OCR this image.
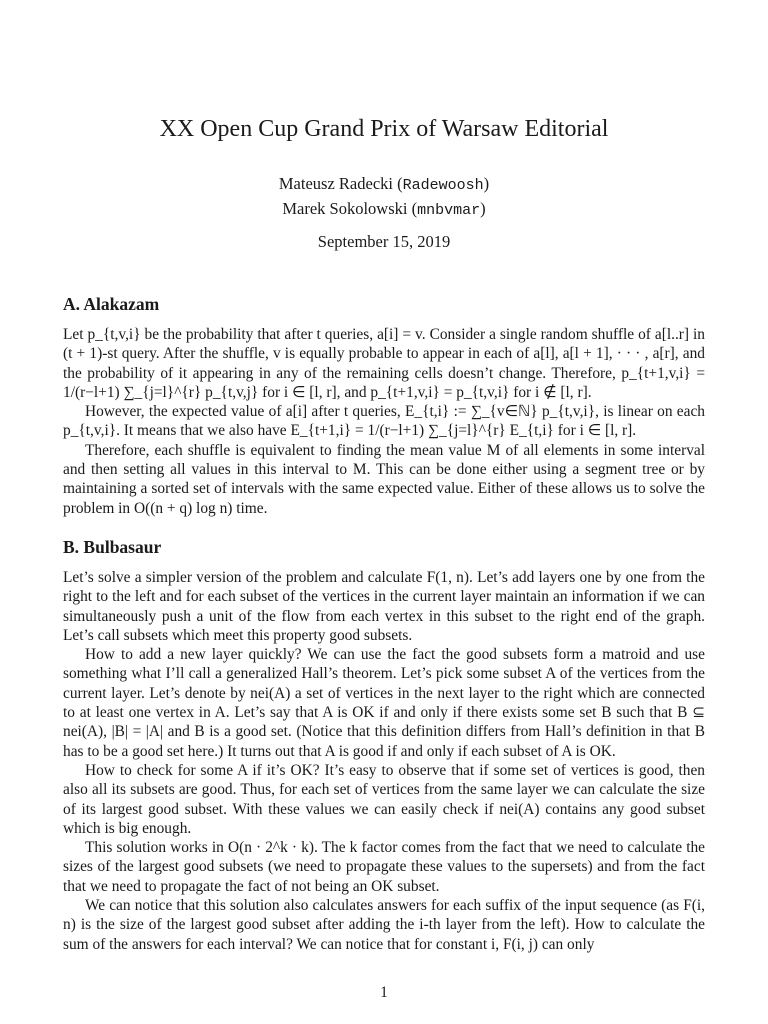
XX Open Cup Grand Prix of Warsaw Editorial
Mateusz Radecki (Radewoosh)
Marek Sokolowski (mnbvmar)
September 15, 2019
A. Alakazam

Let p_{t,v,i} be the probability that after t queries, a[i] = v. Consider a single random shuffle of a[l..r] in (t + 1)-st query. After the shuffle, v is equally probable to appear in each of a[l], a[l + 1], · · · , a[r], and the probability of it appearing in any of the remaining cells doesn’t change. Therefore, p_{t+1,v,i} = 1/(r−l+1) ∑_{j=l}^{r} p_{t,v,j} for i ∈ [l, r], and p_{t+1,v,i} = p_{t,v,i} for i ∉ [l, r].

However, the expected value of a[i] after t queries, E_{t,i} := ∑_{v∈ℕ} p_{t,v,i}, is linear on each p_{t,v,i}. It means that we also have E_{t+1,i} = 1/(r−l+1) ∑_{j=l}^{r} E_{t,i} for i ∈ [l, r].

Therefore, each shuffle is equivalent to finding the mean value M of all elements in some interval and then setting all values in this interval to M. This can be done either using a segment tree or by maintaining a sorted set of intervals with the same expected value. Either of these allows us to solve the problem in O((n + q) log n) time.

B. Bulbasaur

Let’s solve a simpler version of the problem and calculate F(1, n). Let’s add layers one by one from the right to the left and for each subset of the vertices in the current layer maintain an information if we can simultaneously push a unit of the flow from each vertex in this subset to the right end of the graph. Let’s call subsets which meet this property good subsets.

How to add a new layer quickly? We can use the fact the good subsets form a matroid and use something what I’ll call a generalized Hall’s theorem. Let’s pick some subset A of the vertices from the current layer. Let’s denote by nei(A) a set of vertices in the next layer to the right which are connected to at least one vertex in A. Let’s say that A is OK if and only if there exists some set B such that B ⊆ nei(A), |B| = |A| and B is a good set. (Notice that this definition differs from Hall’s definition in that B has to be a good set here.) It turns out that A is good if and only if each subset of A is OK.

How to check for some A if it’s OK? It’s easy to observe that if some set of vertices is good, then also all its subsets are good. Thus, for each set of vertices from the same layer we can calculate the size of its largest good subset. With these values we can easily check if nei(A) contains any good subset which is big enough.

This solution works in O(n · 2^k · k). The k factor comes from the fact that we need to calculate the sizes of the largest good subsets (we need to propagate these values to the supersets) and from the fact that we need to propagate the fact of not being an OK subset.

We can notice that this solution also calculates answers for each suffix of the input sequence (as F(i, n) is the size of the largest good subset after adding the i-th layer from the left). How to calculate the sum of the answers for each interval? We can notice that for constant i, F(i, j) can only

1
